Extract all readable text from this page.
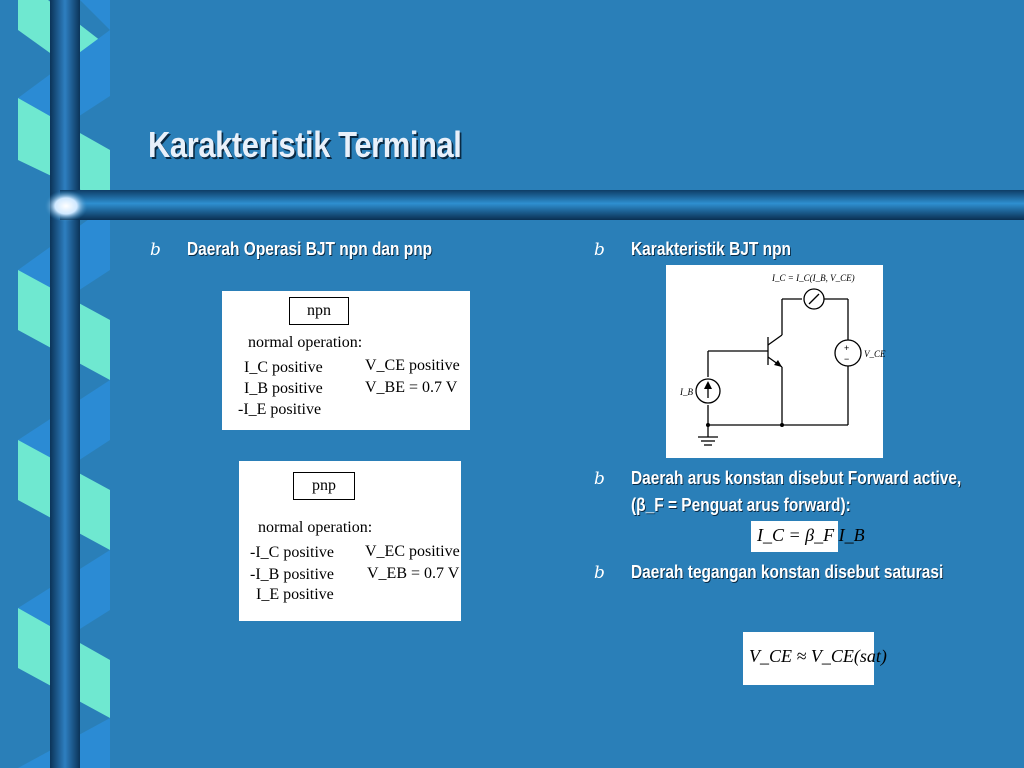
Karakteristik Terminal
b Daerah Operasi BJT npn dan pnp
npn
normal operation:
I_C positive
I_B positive
-I_E positive
V_CE positive
V_BE = 0.7 V
pnp
normal operation:
-I_C positive
-I_B positive
I_E positive
V_EC positive
V_EB = 0.7 V
b Karakteristik BJT npn
I_C = I_C(I_B, V_CE)
V_CE
I_B
+
−
b Daerah arus konstan disebut Forward active, (β_F = Penguat arus forward):
I_C = β_F I_B
b Daerah tegangan konstan disebut saturasi
V_CE ≈ V_CE(sat)
